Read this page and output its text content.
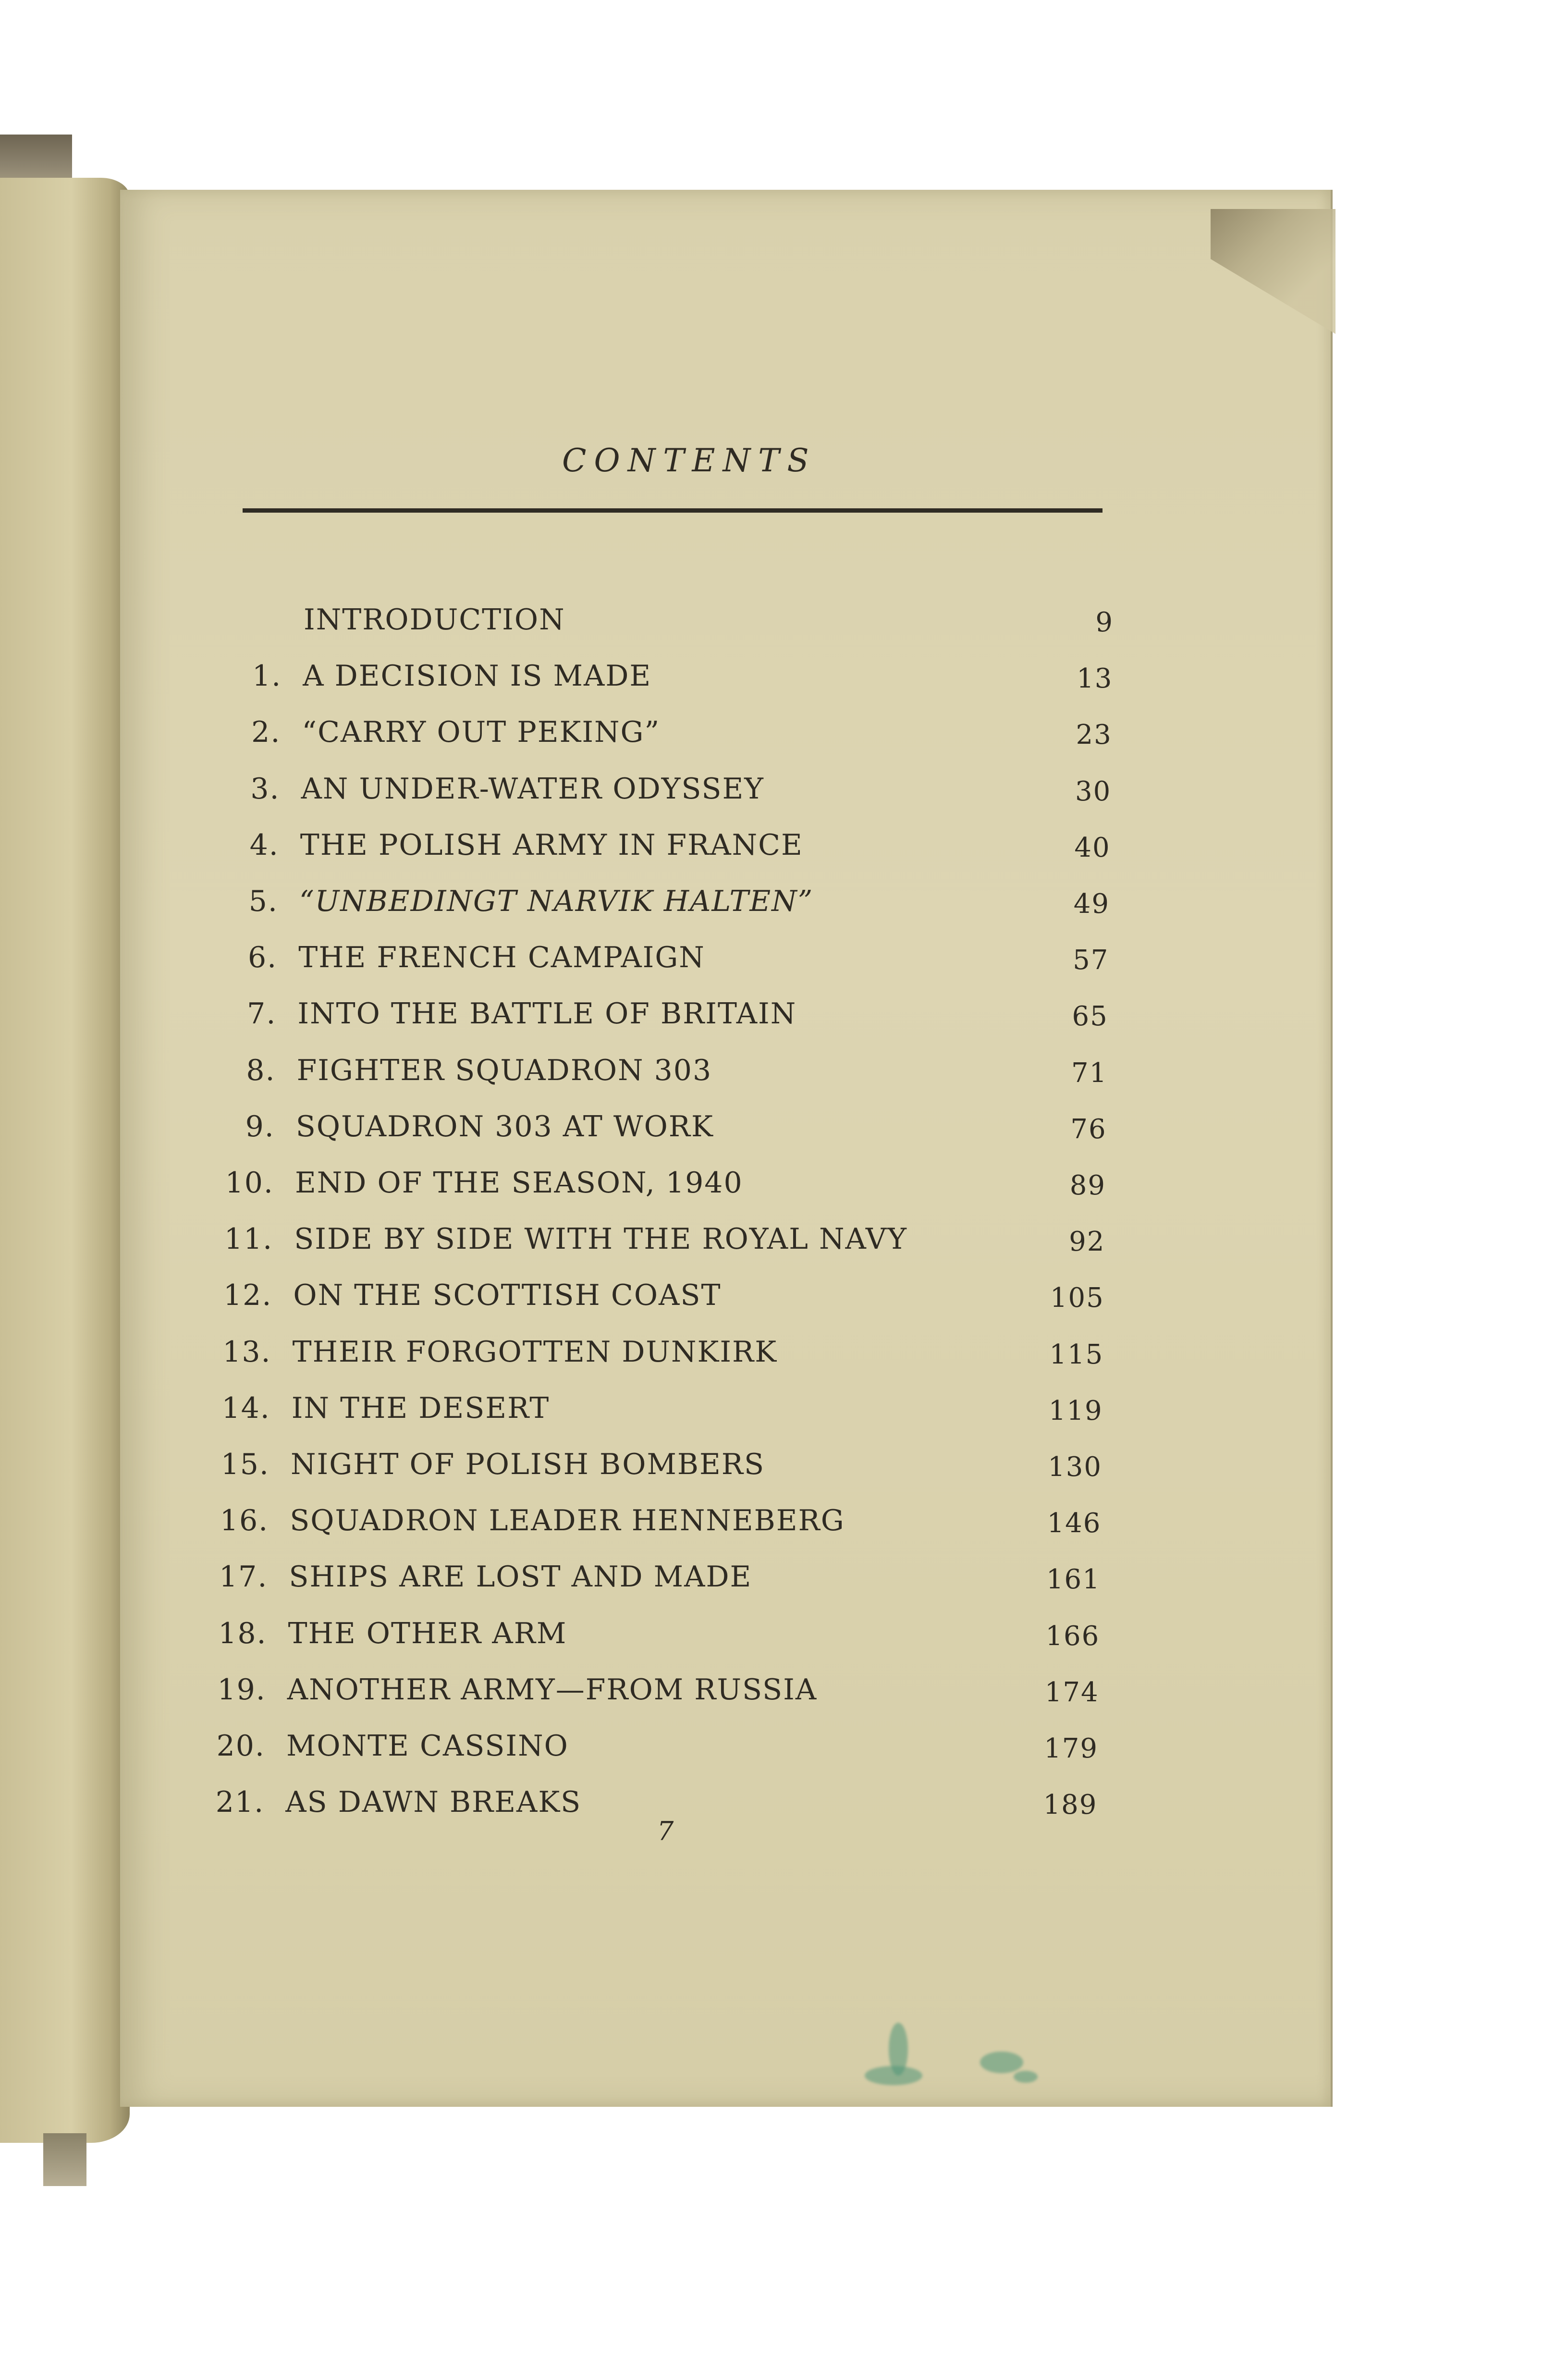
CONTENTS
INTRODUCTION	9
1. A DECISION IS MADE	13
2. “CARRY OUT PEKING”	23
3. AN UNDER-WATER ODYSSEY	30
4. THE POLISH ARMY IN FRANCE	40
5. “UNBEDINGT NARVIK HALTEN”	49
6. THE FRENCH CAMPAIGN	57
7. INTO THE BATTLE OF BRITAIN	65
8. FIGHTER SQUADRON 303	71
9. SQUADRON 303 AT WORK	76
10. END OF THE SEASON, 1940	89
11. SIDE BY SIDE WITH THE ROYAL NAVY	92
12. ON THE SCOTTISH COAST	105
13. THEIR FORGOTTEN DUNKIRK	115
14. IN THE DESERT	119
15. NIGHT OF POLISH BOMBERS	130
16. SQUADRON LEADER HENNEBERG	146
17. SHIPS ARE LOST AND MADE	161
18. THE OTHER ARM	166
19. ANOTHER ARMY—FROM RUSSIA	174
20. MONTE CASSINO	179
21. AS DAWN BREAKS	189
7
